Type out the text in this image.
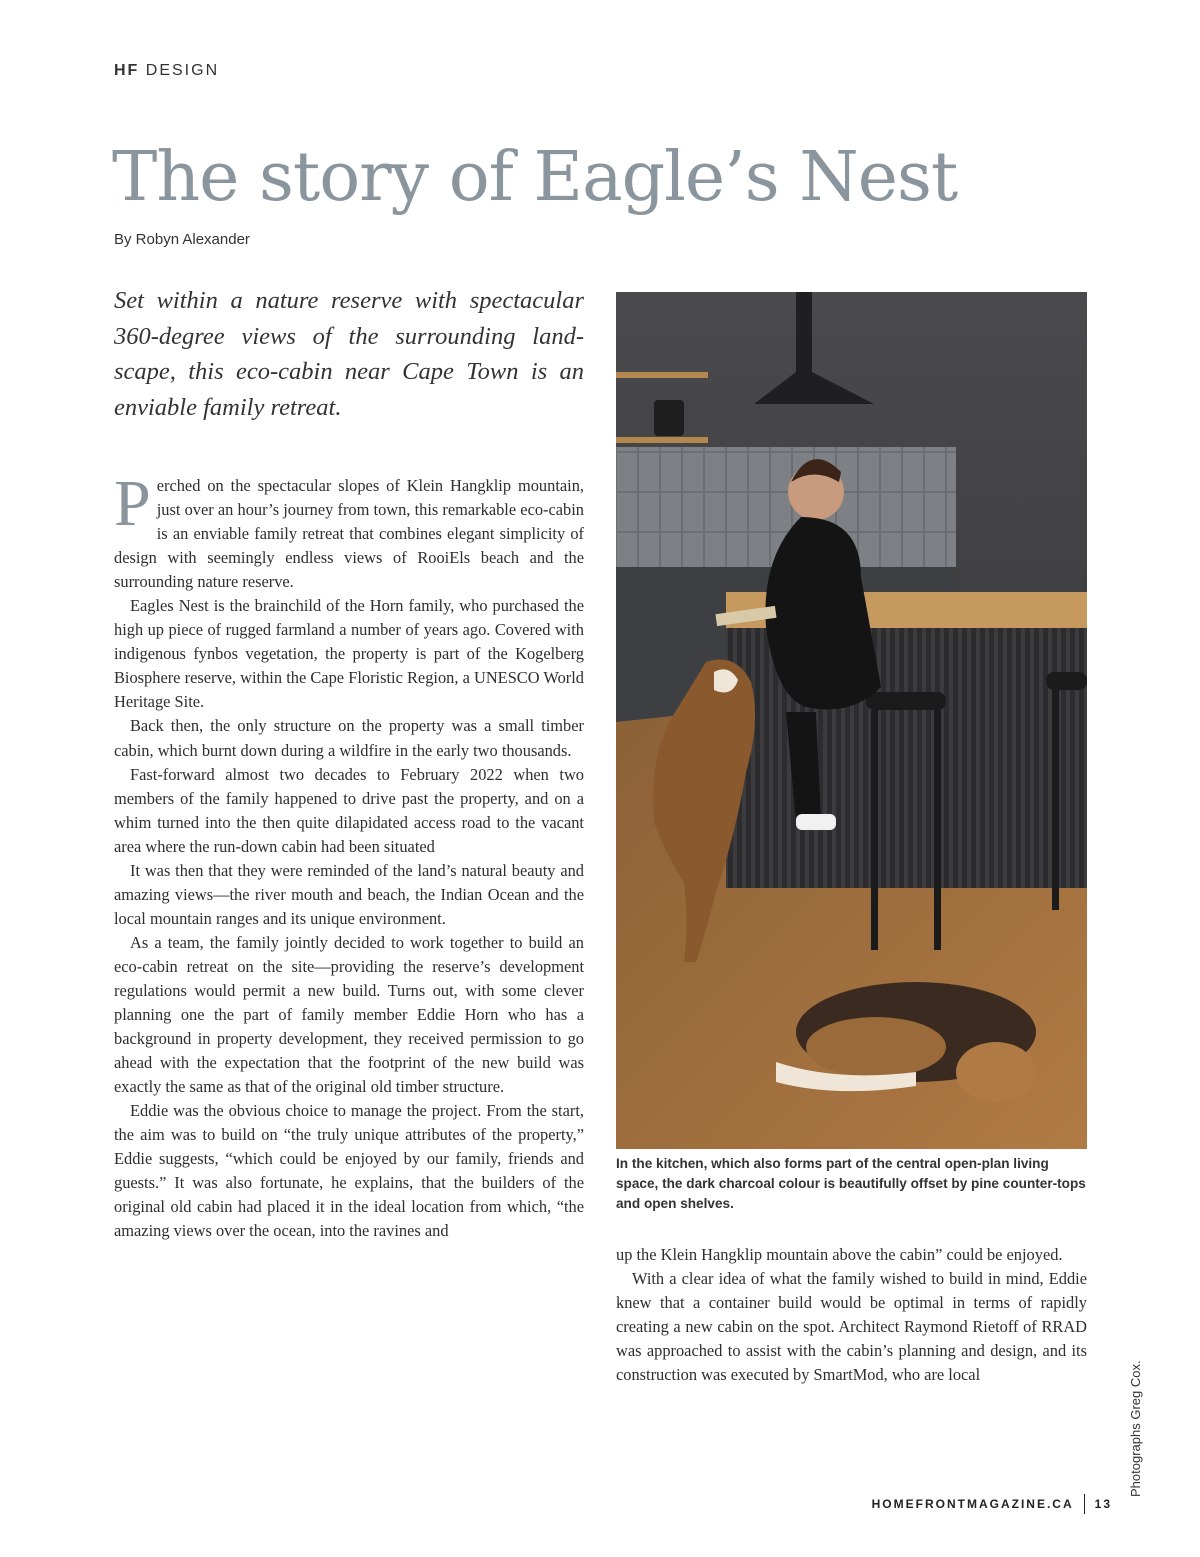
HF DESIGN
The story of Eagle’s Nest
By Robyn Alexander

Set within a nature reserve with spectacular 360-degree views of the surrounding land-scape, this eco-cabin near Cape Town is an enviable family retreat.

Perched on the spectacular slopes of Klein Hangklip mountain, just over an hour’s journey from town, this remarkable eco-cabin is an enviable family retreat that combines elegant simplicity of design with seemingly endless views of RooiEls beach and the surrounding nature reserve.

Eagles Nest is the brainchild of the Horn family, who purchased the high up piece of rugged farmland a number of years ago. Covered with indigenous fynbos vegetation, the property is part of the Kogelberg Biosphere reserve, within the Cape Floristic Region, a UNESCO World Heritage Site.

Back then, the only structure on the property was a small timber cabin, which burnt down during a wildfire in the early two thousands.

Fast-forward almost two decades to February 2022 when two members of the family happened to drive past the property, and on a whim turned into the then quite dilapidated access road to the vacant area where the run-down cabin had been situated

It was then that they were reminded of the land’s natural beauty and amazing views—the river mouth and beach, the Indian Ocean and the local mountain ranges and its unique environment.

As a team, the family jointly decided to work together to build an eco-cabin retreat on the site—providing the reserve’s development regulations would permit a new build. Turns out, with some clever planning one the part of family member Eddie Horn who has a background in property development, they received permission to go ahead with the expectation that the footprint of the new build was exactly the same as that of the original old timber structure.

Eddie was the obvious choice to manage the project. From the start, the aim was to build on “the truly unique attributes of the property,” Eddie suggests, “which could be enjoyed by our family, friends and guests.” It was also fortunate, he explains, that the builders of the original old cabin had placed it in the ideal location from which, “the amazing views over the ocean, into the ravines and

In the kitchen, which also forms part of the central open-plan living space, the dark charcoal colour is beautifully offset by pine counter-tops and open shelves.

up the Klein Hangklip mountain above the cabin” could be enjoyed.

With a clear idea of what the family wished to build in mind, Eddie knew that a container build would be optimal in terms of rapidly creating a new cabin on the spot. Architect Raymond Rietoff of RRAD was approached to assist with the cabin’s planning and design, and its construction was executed by SmartMod, who are local	Photographs Greg Cox.
HOMEFRONTMAGAZINE.CA 13
